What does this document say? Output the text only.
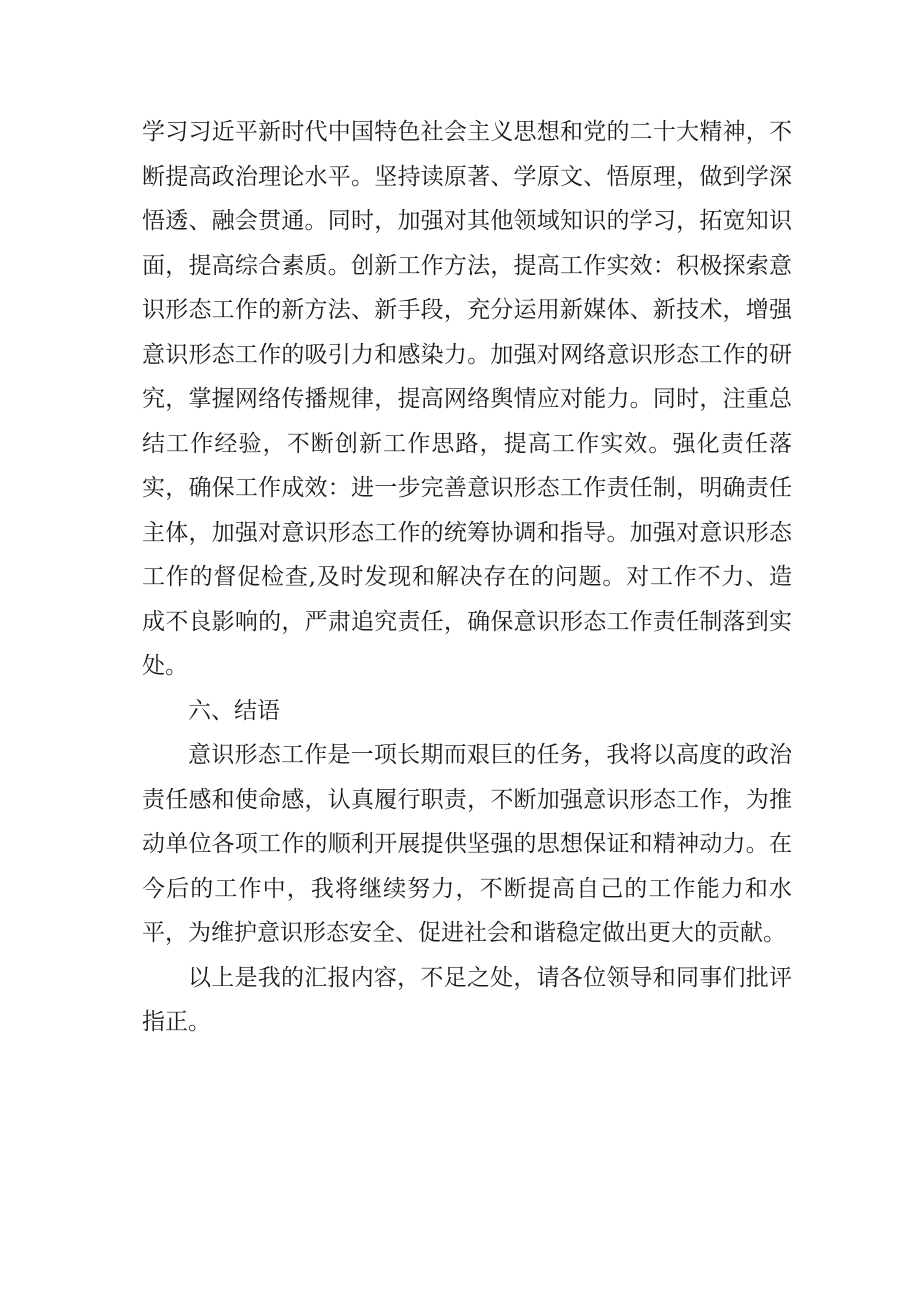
学习习近平新时代中国特色社会主义思想和党的二十大精神，不断提高政治理论水平。坚持读原著、学原文、悟原理，做到学深悟透、融会贯通。同时，加强对其他领域知识的学习，拓宽知识面，提高综合素质。创新工作方法，提高工作实效：积极探索意识形态工作的新方法、新手段，充分运用新媒体、新技术，增强意识形态工作的吸引力和感染力。加强对网络意识形态工作的研究，掌握网络传播规律，提高网络舆情应对能力。同时，注重总结工作经验，不断创新工作思路，提高工作实效。强化责任落实，确保工作成效：进一步完善意识形态工作责任制，明确责任主体，加强对意识形态工作的统筹协调和指导。加强对意识形态工作的督促检查,及时发现和解决存在的问题。对工作不力、造成不良影响的，严肃追究责任，确保意识形态工作责任制落到实处。

六、结语

意识形态工作是一项长期而艰巨的任务，我将以高度的政治责任感和使命感，认真履行职责，不断加强意识形态工作，为推动单位各项工作的顺利开展提供坚强的思想保证和精神动力。在今后的工作中，我将继续努力，不断提高自己的工作能力和水平，为维护意识形态安全、促进社会和谐稳定做出更大的贡献。

以上是我的汇报内容，不足之处，请各位领导和同事们批评指正。
